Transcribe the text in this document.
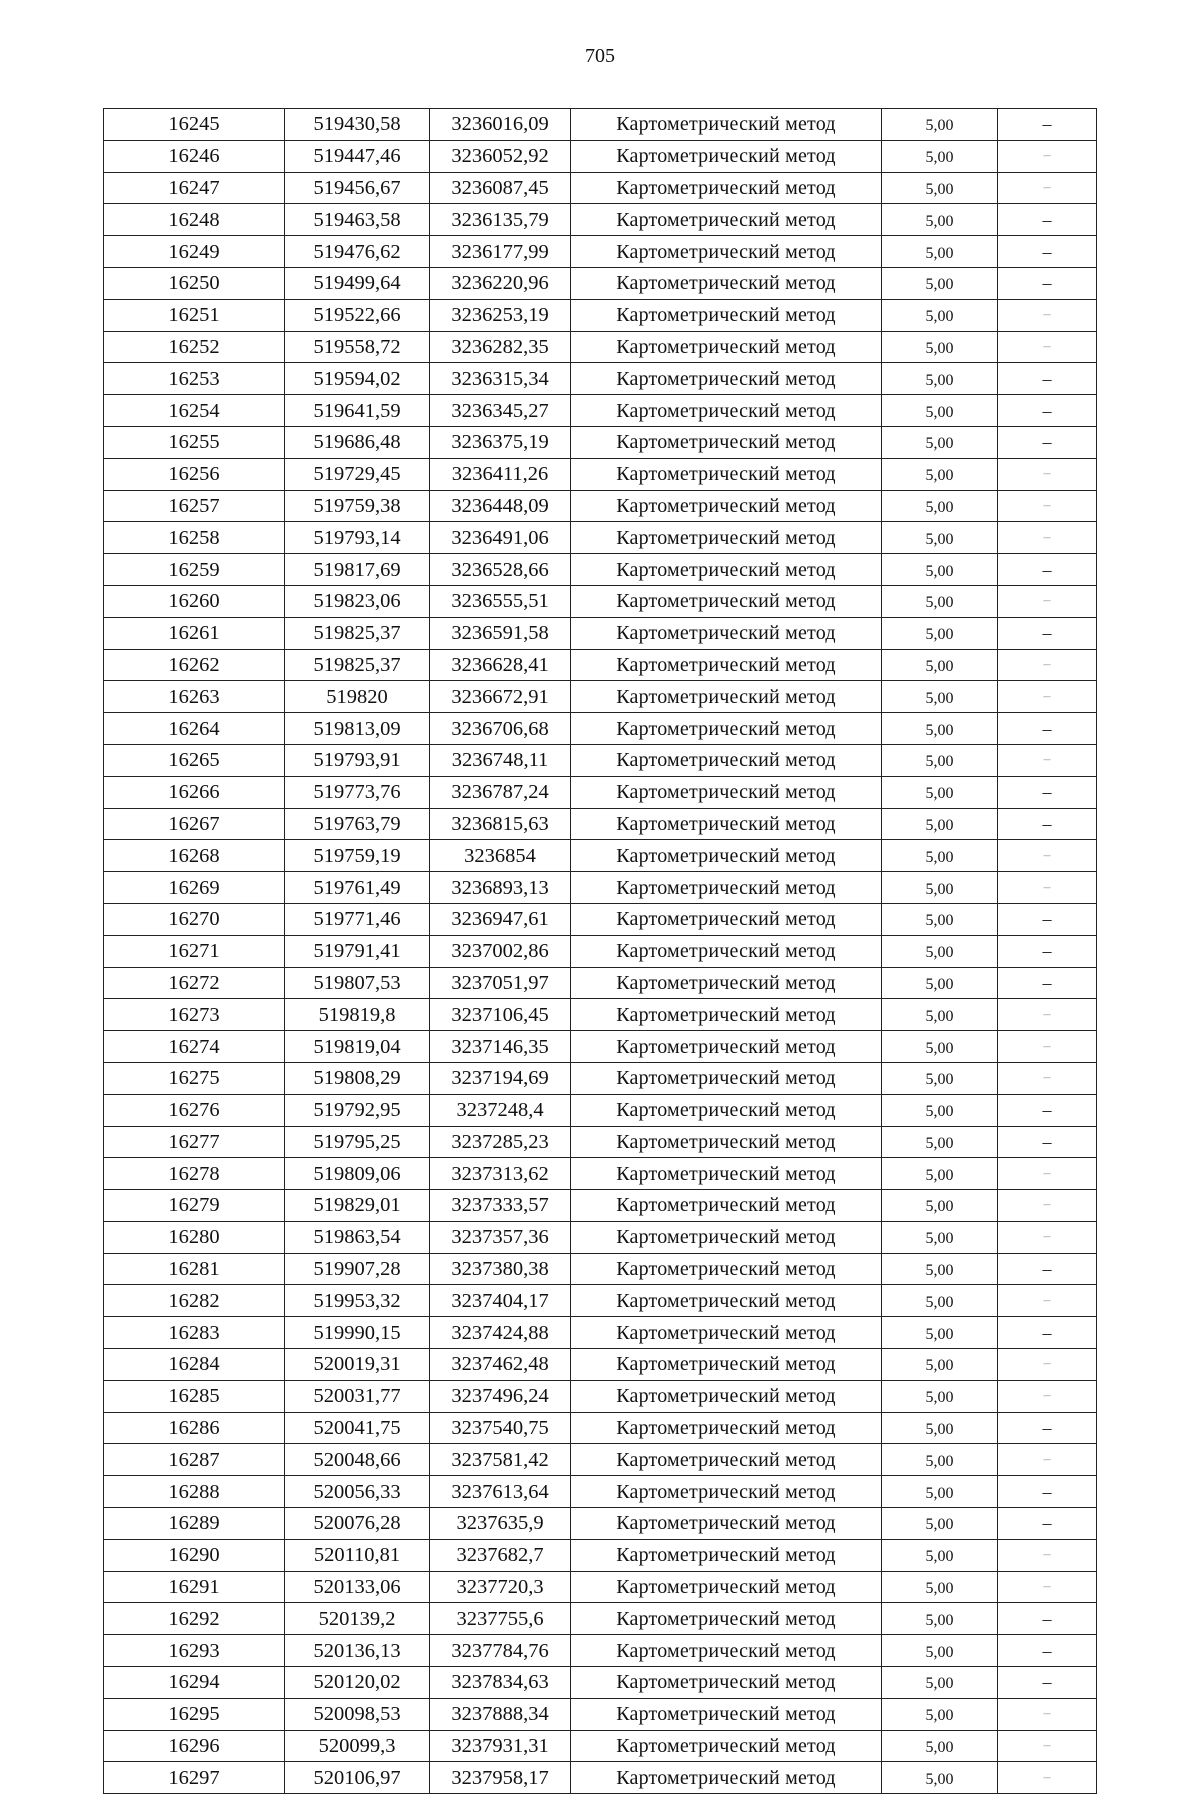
705
16245	519430,58	3236016,09	Картометрический метод	5,00	–
16246	519447,46	3236052,92	Картометрический метод	5,00	–
16247	519456,67	3236087,45	Картометрический метод	5,00	–
16248	519463,58	3236135,79	Картометрический метод	5,00	–
16249	519476,62	3236177,99	Картометрический метод	5,00	–
16250	519499,64	3236220,96	Картометрический метод	5,00	–
16251	519522,66	3236253,19	Картометрический метод	5,00	–
16252	519558,72	3236282,35	Картометрический метод	5,00	–
16253	519594,02	3236315,34	Картометрический метод	5,00	–
16254	519641,59	3236345,27	Картометрический метод	5,00	–
16255	519686,48	3236375,19	Картометрический метод	5,00	–
16256	519729,45	3236411,26	Картометрический метод	5,00	–
16257	519759,38	3236448,09	Картометрический метод	5,00	–
16258	519793,14	3236491,06	Картометрический метод	5,00	–
16259	519817,69	3236528,66	Картометрический метод	5,00	–
16260	519823,06	3236555,51	Картометрический метод	5,00	–
16261	519825,37	3236591,58	Картометрический метод	5,00	–
16262	519825,37	3236628,41	Картометрический метод	5,00	–
16263	519820	3236672,91	Картометрический метод	5,00	–
16264	519813,09	3236706,68	Картометрический метод	5,00	–
16265	519793,91	3236748,11	Картометрический метод	5,00	–
16266	519773,76	3236787,24	Картометрический метод	5,00	–
16267	519763,79	3236815,63	Картометрический метод	5,00	–
16268	519759,19	3236854	Картометрический метод	5,00	–
16269	519761,49	3236893,13	Картометрический метод	5,00	–
16270	519771,46	3236947,61	Картометрический метод	5,00	–
16271	519791,41	3237002,86	Картометрический метод	5,00	–
16272	519807,53	3237051,97	Картометрический метод	5,00	–
16273	519819,8	3237106,45	Картометрический метод	5,00	–
16274	519819,04	3237146,35	Картометрический метод	5,00	–
16275	519808,29	3237194,69	Картометрический метод	5,00	–
16276	519792,95	3237248,4	Картометрический метод	5,00	–
16277	519795,25	3237285,23	Картометрический метод	5,00	–
16278	519809,06	3237313,62	Картометрический метод	5,00	–
16279	519829,01	3237333,57	Картометрический метод	5,00	–
16280	519863,54	3237357,36	Картометрический метод	5,00	–
16281	519907,28	3237380,38	Картометрический метод	5,00	–
16282	519953,32	3237404,17	Картометрический метод	5,00	–
16283	519990,15	3237424,88	Картометрический метод	5,00	–
16284	520019,31	3237462,48	Картометрический метод	5,00	–
16285	520031,77	3237496,24	Картометрический метод	5,00	–
16286	520041,75	3237540,75	Картометрический метод	5,00	–
16287	520048,66	3237581,42	Картометрический метод	5,00	–
16288	520056,33	3237613,64	Картометрический метод	5,00	–
16289	520076,28	3237635,9	Картометрический метод	5,00	–
16290	520110,81	3237682,7	Картометрический метод	5,00	–
16291	520133,06	3237720,3	Картометрический метод	5,00	–
16292	520139,2	3237755,6	Картометрический метод	5,00	–
16293	520136,13	3237784,76	Картометрический метод	5,00	–
16294	520120,02	3237834,63	Картометрический метод	5,00	–
16295	520098,53	3237888,34	Картометрический метод	5,00	–
16296	520099,3	3237931,31	Картометрический метод	5,00	–
16297	520106,97	3237958,17	Картометрический метод	5,00	–
